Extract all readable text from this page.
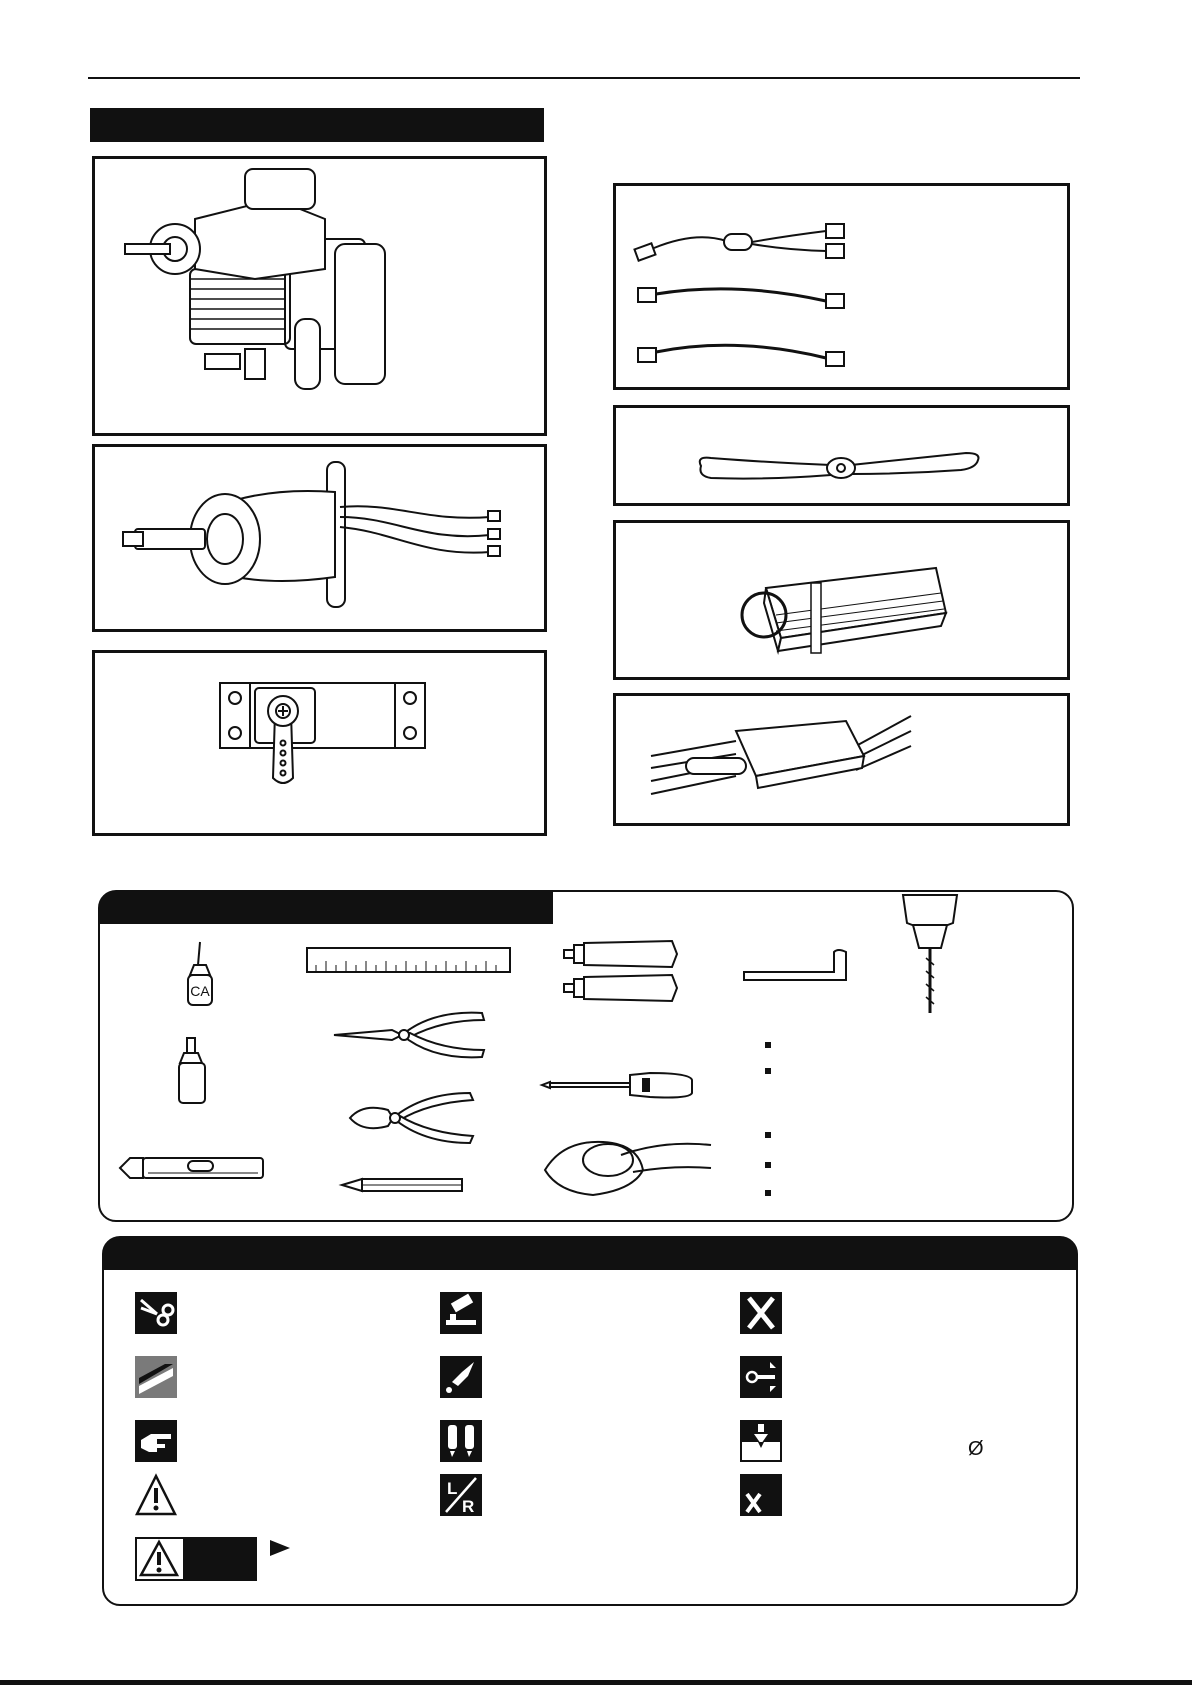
CA
Ø
L
R
